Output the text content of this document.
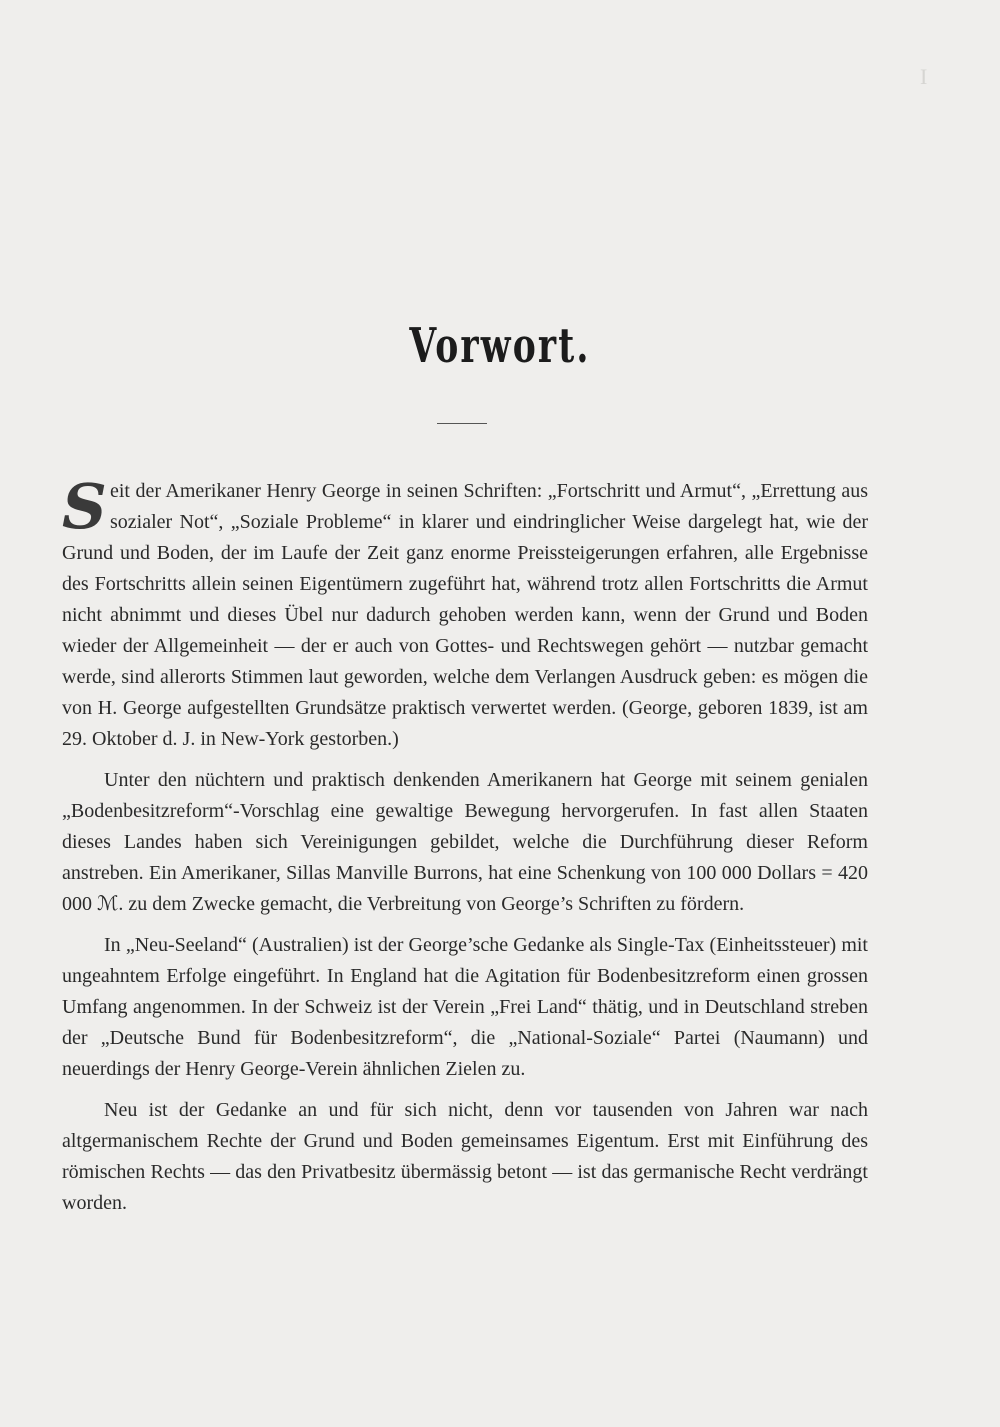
I
Vorwort.

S eit der Amerikaner Henry George in seinen Schriften: „Fortschritt und Armut“, „Errettung aus sozialer Not“, „Soziale Probleme“ in klarer und eindringlicher Weise dargelegt hat, wie der Grund und Boden, der im Laufe der Zeit ganz enorme Preissteigerungen erfahren, alle Ergebnisse des Fortschritts allein seinen Eigentümern zugeführt hat, während trotz allen Fortschritts die Armut nicht abnimmt und dieses Übel nur dadurch gehoben werden kann, wenn der Grund und Boden wieder der Allgemeinheit — der er auch von Gottes- und Rechtswegen gehört — nutzbar gemacht werde, sind allerorts Stimmen laut geworden, welche dem Verlangen Ausdruck geben: es mögen die von H. George aufgestellten Grundsätze praktisch verwertet werden. (George, geboren 1839, ist am 29. Oktober d. J. in New-York gestorben.)

Unter den nüchtern und praktisch denkenden Amerikanern hat George mit seinem genialen „Bodenbesitzreform“-Vorschlag eine gewaltige Bewegung hervorgerufen. In fast allen Staaten dieses Landes haben sich Vereinigungen gebildet, welche die Durchführung dieser Reform anstreben. Ein Amerikaner, Sillas Manville Burrons, hat eine Schenkung von 100 000 Dollars = 420 000 ℳ. zu dem Zwecke gemacht, die Verbreitung von George’s Schriften zu fördern.

In „Neu-Seeland“ (Australien) ist der George’sche Gedanke als Single-Tax (Einheitssteuer) mit ungeahntem Erfolge eingeführt. In England hat die Agitation für Bodenbesitzreform einen grossen Umfang angenommen. In der Schweiz ist der Verein „Frei Land“ thätig, und in Deutschland streben der „Deutsche Bund für Bodenbesitzreform“, die „National-Soziale“ Partei (Naumann) und neuerdings der Henry George-Verein ähnlichen Zielen zu.

Neu ist der Gedanke an und für sich nicht, denn vor tausenden von Jahren war nach altgermanischem Rechte der Grund und Boden gemeinsames Eigentum. Erst mit Einführung des römischen Rechts — das den Privatbesitz übermässig betont — ist das germanische Recht verdrängt worden.
